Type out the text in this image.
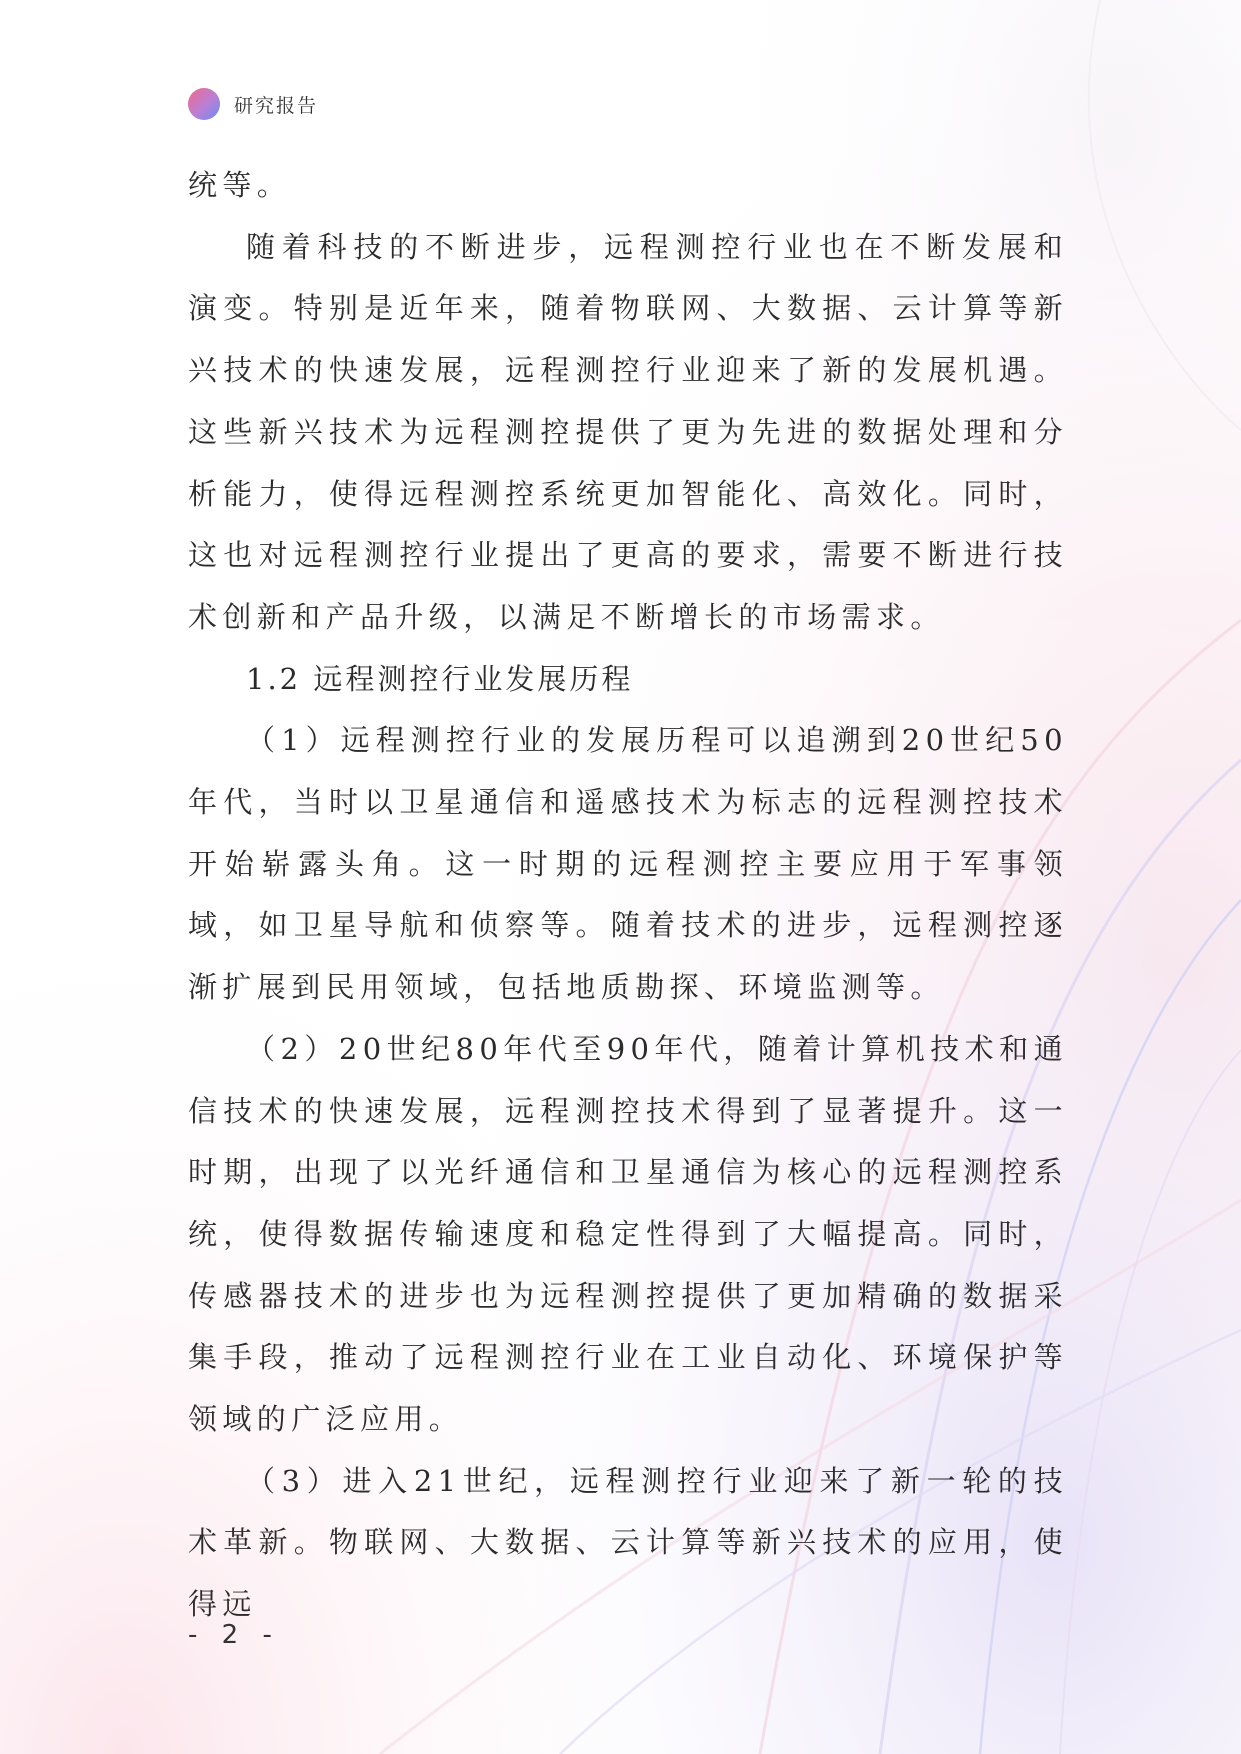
研究报告

统等。

随着科技的不断进步，远程测控行业也在不断发展和演变。特别是近年来，随着物联网、大数据、云计算等新兴技术的快速发展，远程测控行业迎来了新的发展机遇。这些新兴技术为远程测控提供了更为先进的数据处理和分析能力，使得远程测控系统更加智能化、高效化。同时，这也对远程测控行业提出了更高的要求，需要不断进行技术创新和产品升级，以满足不断增长的市场需求。

1.2 远程测控行业发展历程

（1）远程测控行业的发展历程可以追溯到20世纪50年代，当时以卫星通信和遥感技术为标志的远程测控技术开始崭露头角。这一时期的远程测控主要应用于军事领域，如卫星导航和侦察等。随着技术的进步，远程测控逐渐扩展到民用领域，包括地质勘探、环境监测等。

（2）20世纪80年代至90年代，随着计算机技术和通信技术的快速发展，远程测控技术得到了显著提升。这一时期，出现了以光纤通信和卫星通信为核心的远程测控系统，使得数据传输速度和稳定性得到了大幅提高。同时，传感器技术的进步也为远程测控提供了更加精确的数据采集手段，推动了远程测控行业在工业自动化、环境保护等领域的广泛应用。

（3）进入21世纪，远程测控行业迎来了新一轮的技术革新。物联网、大数据、云计算等新兴技术的应用，使得远

- 2 -
